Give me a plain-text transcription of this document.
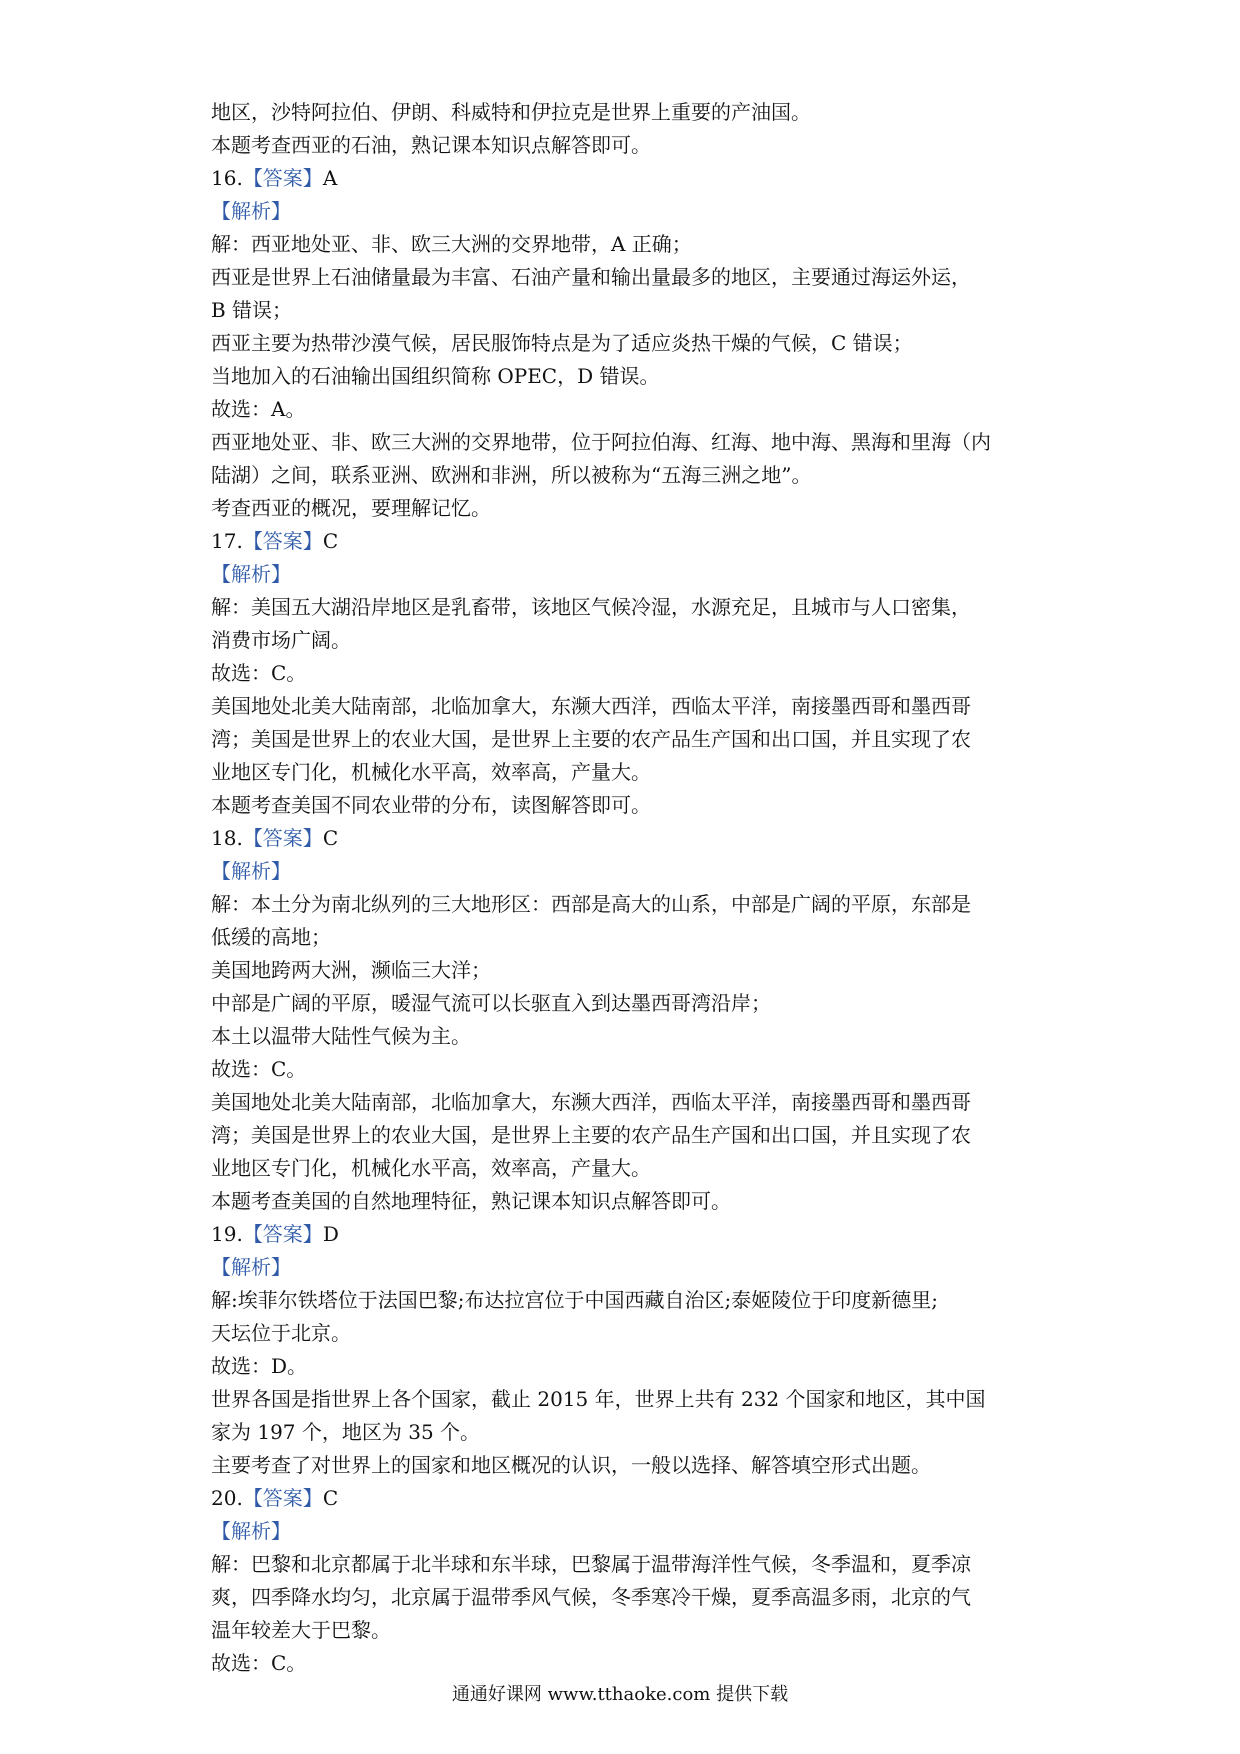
地区，沙特阿拉伯、伊朗、科威特和伊拉克是世界上重要的产油国。
本题考查西亚的石油，熟记课本知识点解答即可。
16.【答案】A
【解析】
解：西亚地处亚、非、欧三大洲的交界地带，A 正确；
西亚是世界上石油储量最为丰富、石油产量和输出量最多的地区，主要通过海运外运，
B 错误；
西亚主要为热带沙漠气候，居民服饰特点是为了适应炎热干燥的气候，C 错误；
当地加入的石油输出国组织简称 OPEC，D 错误。
故选：A。
西亚地处亚、非、欧三大洲的交界地带，位于阿拉伯海、红海、地中海、黑海和里海（内
陆湖）之间，联系亚洲、欧洲和非洲，所以被称为“五海三洲之地”。
考查西亚的概况，要理解记忆。
17.【答案】C
【解析】
解：美国五大湖沿岸地区是乳畜带，该地区气候冷湿，水源充足，且城市与人口密集，
消费市场广阔。
故选：C。
美国地处北美大陆南部，北临加拿大，东濒大西洋，西临太平洋，南接墨西哥和墨西哥
湾；美国是世界上的农业大国，是世界上主要的农产品生产国和出口国，并且实现了农
业地区专门化，机械化水平高，效率高，产量大。
本题考查美国不同农业带的分布，读图解答即可。
18.【答案】C
【解析】
解：本土分为南北纵列的三大地形区：西部是高大的山系，中部是广阔的平原，东部是
低缓的高地；
美国地跨两大洲，濒临三大洋；
中部是广阔的平原，暖湿气流可以长驱直入到达墨西哥湾沿岸；
本土以温带大陆性气候为主。
故选：C。
美国地处北美大陆南部，北临加拿大，东濒大西洋，西临太平洋，南接墨西哥和墨西哥
湾；美国是世界上的农业大国，是世界上主要的农产品生产国和出口国，并且实现了农
业地区专门化，机械化水平高，效率高，产量大。
本题考查美国的自然地理特征，熟记课本知识点解答即可。
19.【答案】D
【解析】
解:埃菲尔铁塔位于法国巴黎;布达拉宫位于中国西藏自治区;泰姬陵位于印度新德里;
天坛位于北京。
故选：D。
世界各国是指世界上各个国家，截止 2015 年，世界上共有 232 个国家和地区，其中国
家为 197 个，地区为 35 个。
主要考查了对世界上的国家和地区概况的认识，一般以选择、解答填空形式出题。
20.【答案】C
【解析】
解：巴黎和北京都属于北半球和东半球，巴黎属于温带海洋性气候，冬季温和，夏季凉
爽，四季降水均匀，北京属于温带季风气候，冬季寒冷干燥，夏季高温多雨，北京的气
温年较差大于巴黎。
故选：C。
通通好课网 www.tthaoke.com 提供下载
